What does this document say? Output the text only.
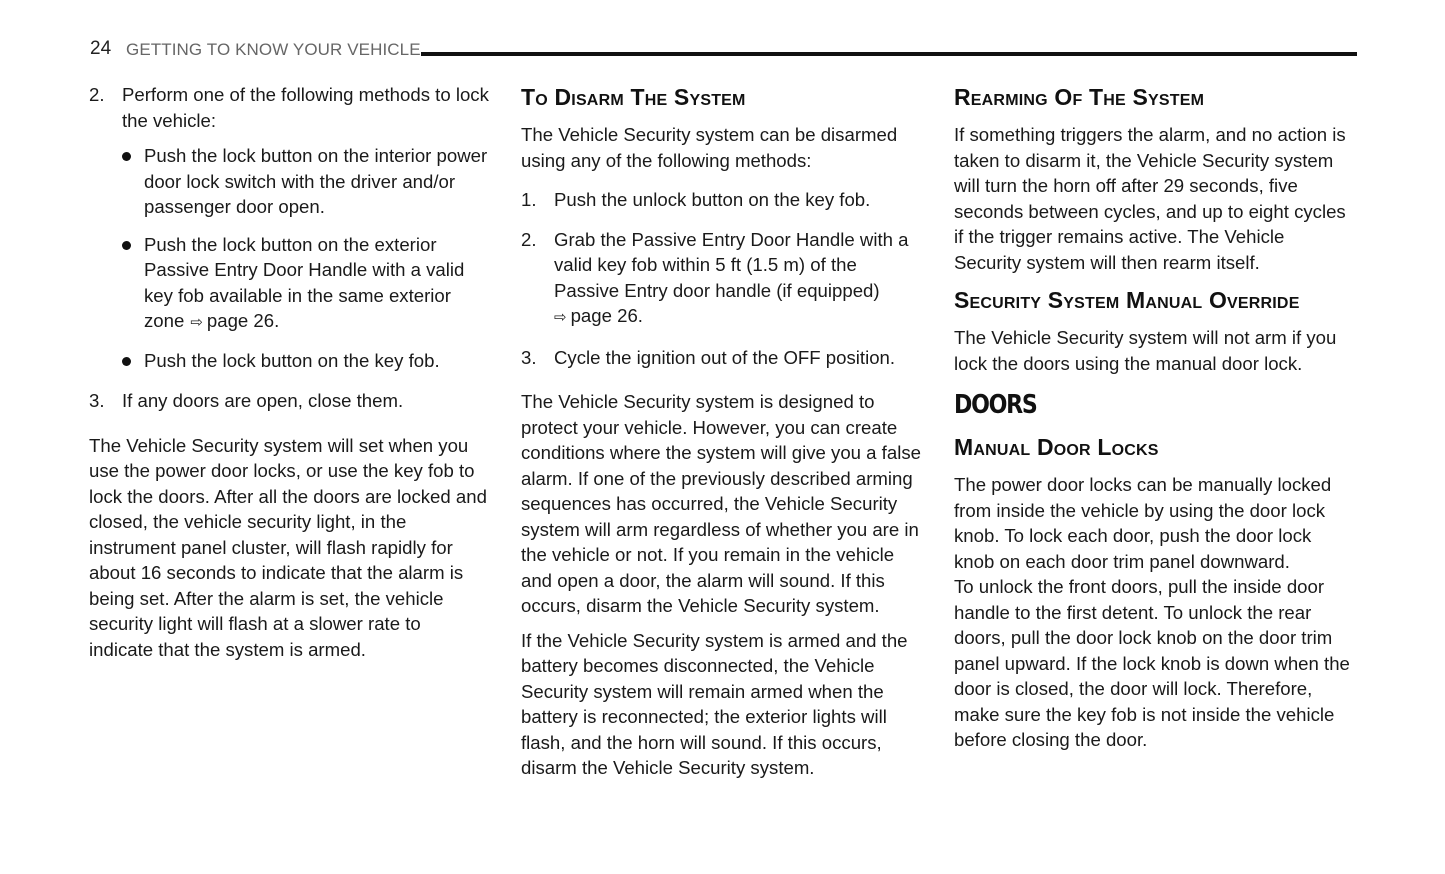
24 GETTING TO KNOW YOUR VEHICLE
2. Perform one of the following methods to lock the vehicle:
Push the lock button on the interior power door lock switch with the driver and/or passenger door open.
Push the lock button on the exterior Passive Entry Door Handle with a valid key fob available in the same exterior zone ⇨ page 26.
Push the lock button on the key fob.
3. If any doors are open, close them.

The Vehicle Security system will set when you use the power door locks, or use the key fob to lock the doors. After all the doors are locked and closed, the vehicle security light, in the instrument panel cluster, will flash rapidly for about 16 seconds to indicate that the alarm is being set. After the alarm is set, the vehicle security light will flash at a slower rate to indicate that the system is armed.

To Disarm The System

The Vehicle Security system can be disarmed using any of the following methods:

1. Push the unlock button on the key fob.
2. Grab the Passive Entry Door Handle with a valid key fob within 5 ft (1.5 m) of the Passive Entry door handle (if equipped)
⇨ page 26.
3. Cycle the ignition out of the OFF position.

The Vehicle Security system is designed to protect your vehicle. However, you can create conditions where the system will give you a false alarm. If one of the previously described arming sequences has occurred, the Vehicle Security system will arm regardless of whether you are in the vehicle or not. If you remain in the vehicle and open a door, the alarm will sound. If this occurs, disarm the Vehicle Security system.

If the Vehicle Security system is armed and the battery becomes disconnected, the Vehicle Security system will remain armed when the battery is reconnected; the exterior lights will flash, and the horn will sound. If this occurs, disarm the Vehicle Security system.

Rearming Of The System

If something triggers the alarm, and no action is taken to disarm it, the Vehicle Security system will turn the horn off after 29 seconds, five seconds between cycles, and up to eight cycles if the trigger remains active. The Vehicle Security system will then rearm itself.

Security System Manual Override

The Vehicle Security system will not arm if you lock the doors using the manual door lock.

DOORS
Manual Door Locks

The power door locks can be manually locked from inside the vehicle by using the door lock knob. To lock each door, push the door lock knob on each door trim panel downward.

To unlock the front doors, pull the inside door handle to the first detent. To unlock the rear doors, pull the door lock knob on the door trim panel upward. If the lock knob is down when the door is closed, the door will lock. Therefore, make sure the key fob is not inside the vehicle before closing the door.
